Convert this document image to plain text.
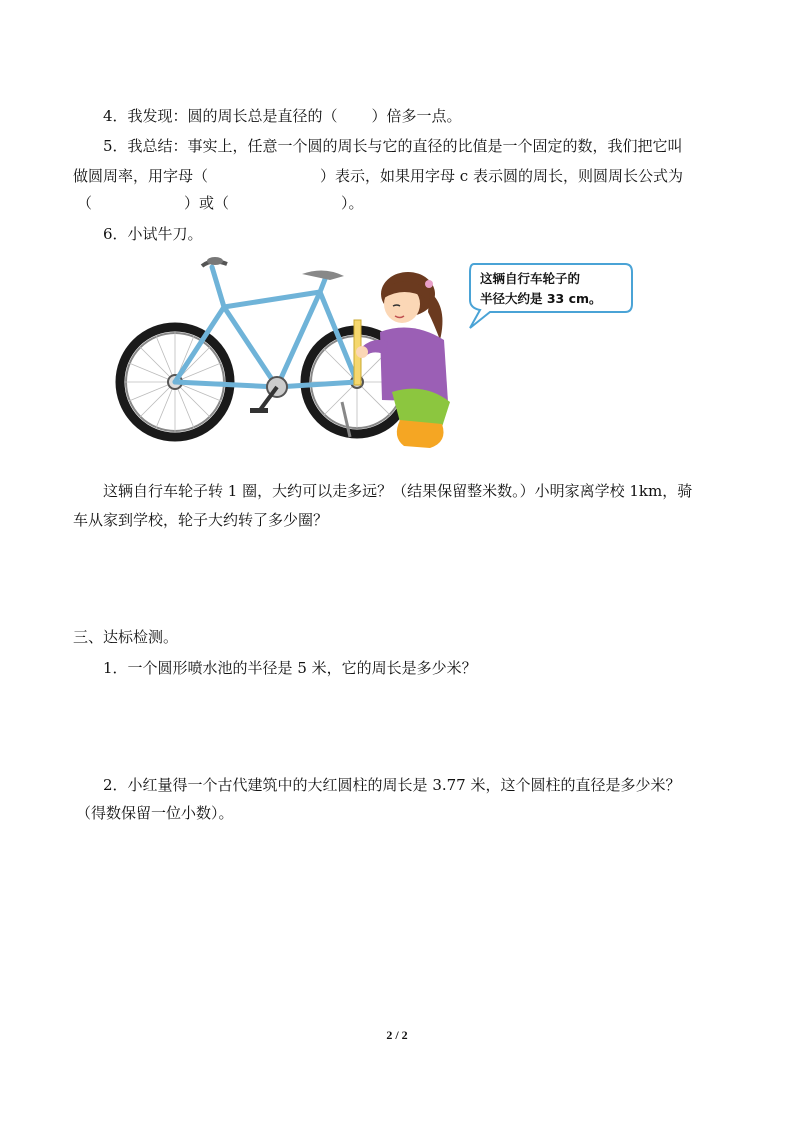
4．我发现：圆的周长总是直径的（ ）倍多一点。
5．我总结：事实上，任意一个圆的周长与它的直径的比值是一个固定的数，我们把它叫
做圆周率，用字母（	）表示，如果用字母 c 表示圆的周长，则圆周长公式为
（	）或（	）。
6．小试牛刀。
这辆自行车轮子的
半径大约是 33 cm。
这辆自行车轮子转 1 圈，大约可以走多远？（结果保留整米数。）小明家离学校 1km，骑
车从家到学校，轮子大约转了多少圈？
三、达标检测。
1．一个圆形喷水池的半径是 5 米，它的周长是多少米？
2．小红量得一个古代建筑中的大红圆柱的周长是 3.77 米，这个圆柱的直径是多少米？
（得数保留一位小数）。
2 / 2
